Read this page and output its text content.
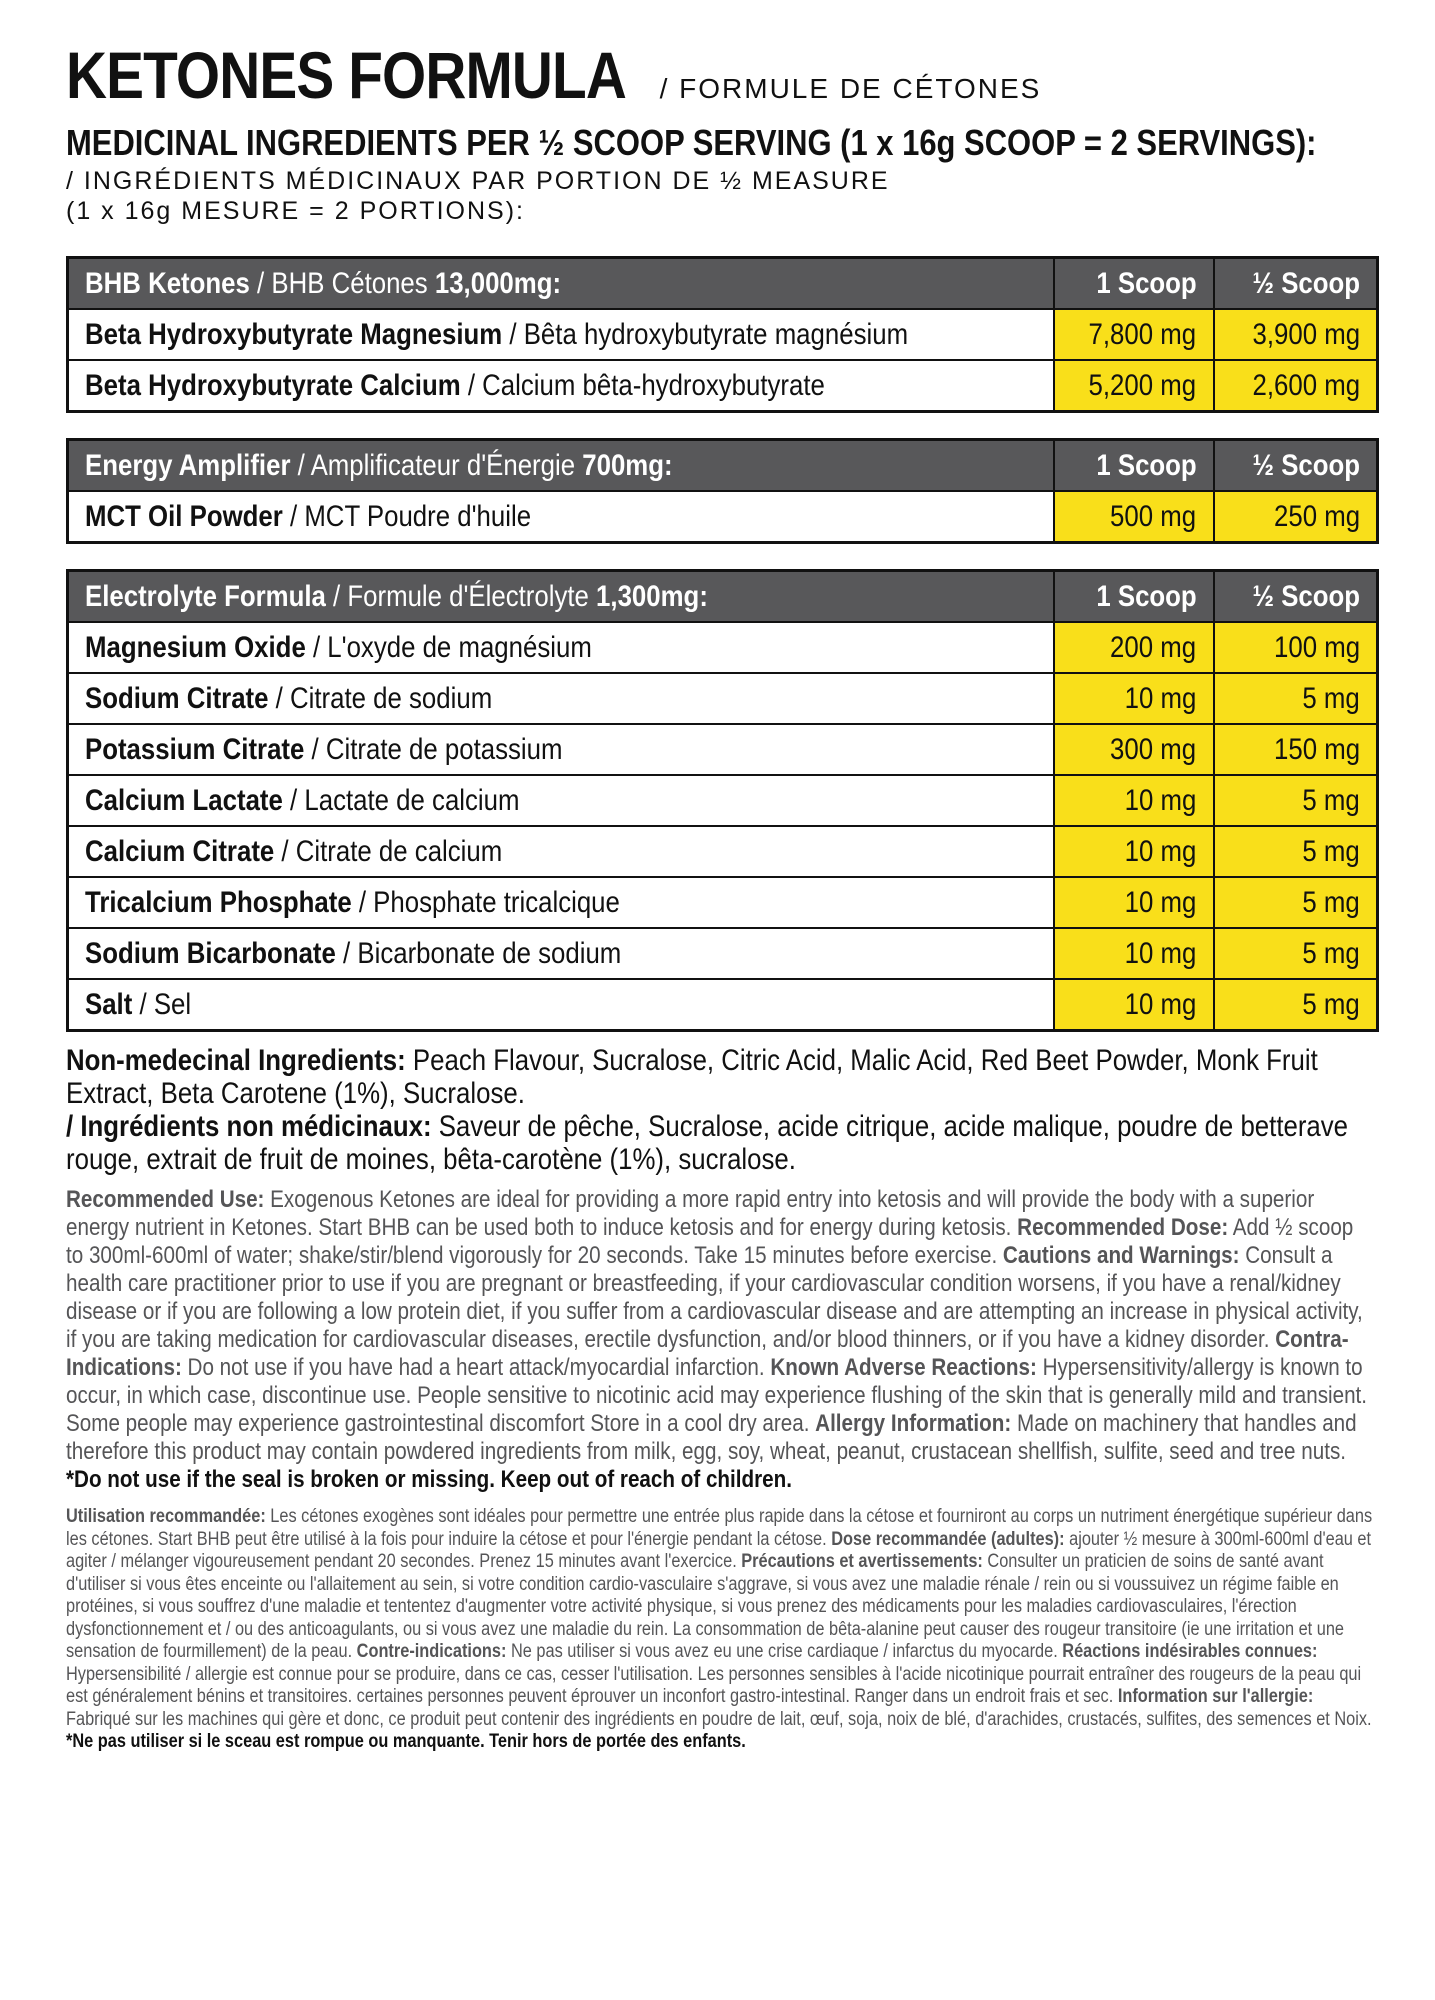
KETONES FORMULA / FORMULE DE CÉTONES
MEDICINAL INGREDIENTS PER ½ SCOOP SERVING (1 x 16g SCOOP = 2 SERVINGS):
/ INGRÉDIENTS MÉDICINAUX PAR PORTION DE ½ MEASURE
(1 x 16g MESURE = 2 PORTIONS):
BHB Ketones / BHB Cétones 13,000mg:	1 Scoop	½ Scoop
Beta Hydroxybutyrate Magnesium / Bêta hydroxybutyrate magnésium	7,800 mg	3,900 mg
Beta Hydroxybutyrate Calcium / Calcium bêta-hydroxybutyrate	5,200 mg	2,600 mg
Energy Amplifier / Amplificateur d'Énergie 700mg:	1 Scoop	½ Scoop
MCT Oil Powder / MCT Poudre d'huile	500 mg	250 mg
Electrolyte Formula / Formule d'Électrolyte 1,300mg:	1 Scoop	½ Scoop
Magnesium Oxide / L'oxyde de magnésium	200 mg	100 mg
Sodium Citrate / Citrate de sodium	10 mg	5 mg
Potassium Citrate / Citrate de potassium	300 mg	150 mg
Calcium Lactate / Lactate de calcium	10 mg	5 mg
Calcium Citrate / Citrate de calcium	10 mg	5 mg
Tricalcium Phosphate / Phosphate tricalcique	10 mg	5 mg
Sodium Bicarbonate / Bicarbonate de sodium	10 mg	5 mg
Salt / Sel	10 mg	5 mg
Non-medecinal Ingredients: Peach Flavour, Sucralose, Citric Acid, Malic Acid, Red Beet Powder, Monk Fruit Extract, Beta Carotene (1%), Sucralose.
/ Ingrédients non médicinaux: Saveur de pêche, Sucralose, acide citrique, acide malique, poudre de betterave rouge, extrait de fruit de moines, bêta-carotène (1%), sucralose.
Recommended Use: Exogenous Ketones are ideal for providing a more rapid entry into ketosis and will provide the body with a superior energy nutrient in Ketones. Start BHB can be used both to induce ketosis and for energy during ketosis. Recommended Dose: Add ½ scoop to 300ml-600ml of water; shake/stir/blend vigorously for 20 seconds. Take 15 minutes before exercise. Cautions and Warnings: Consult a health care practitioner prior to use if you are pregnant or breastfeeding, if your cardiovascular condition worsens, if you have a renal/kidney disease or if you are following a low protein diet, if you suffer from a cardiovascular disease and are attempting an increase in physical activity, if you are taking medication for cardiovascular diseases, erectile dysfunction, and/or blood thinners, or if you have a kidney disorder. Contra-Indications: Do not use if you have had a heart attack/myocardial infarction. Known Adverse Reactions: Hypersensitivity/allergy is known to occur, in which case, discontinue use. People sensitive to nicotinic acid may experience flushing of the skin that is generally mild and transient. Some people may experience gastrointestinal discomfort Store in a cool dry area. Allergy Information: Made on machinery that handles and therefore this product may contain powdered ingredients from milk, egg, soy, wheat, peanut, crustacean shellfish, sulfite, seed and tree nuts. *Do not use if the seal is broken or missing. Keep out of reach of children.
Utilisation recommandée: Les cétones exogènes sont idéales pour permettre une entrée plus rapide dans la cétose et fourniront au corps un nutriment énergétique supérieur dans les cétones. Start BHB peut être utilisé à la fois pour induire la cétose et pour l'énergie pendant la cétose. Dose recommandée (adultes): ajouter ½ mesure à 300ml-600ml d'eau et agiter / mélanger vigoureusement pendant 20 secondes. Prenez 15 minutes avant l'exercice. Précautions et avertissements: Consulter un praticien de soins de santé avant d'utiliser si vous êtes enceinte ou l'allaitement au sein, si votre condition cardio-vasculaire s'aggrave, si vous avez une maladie rénale / rein ou si voussuivez un régime faible en protéines, si vous souffrez d'une maladie et tententez d'augmenter votre activité physique, si vous prenez des médicaments pour les maladies cardiovasculaires, l'érection dysfonctionnement et / ou des anticoagulants, ou si vous avez une maladie du rein. La consommation de bêta-alanine peut causer des rougeur transitoire (ie une irritation et une sensation de fourmillement) de la peau. Contre-indications: Ne pas utiliser si vous avez eu une crise cardiaque / infarctus du myocarde. Réactions indésirables connues: Hypersensibilité / allergie est connue pour se produire, dans ce cas, cesser l'utilisation. Les personnes sensibles à l'acide nicotinique pourrait entraîner des rougeurs de la peau qui est généralement bénins et transitoires. certaines personnes peuvent éprouver un inconfort gastro-intestinal. Ranger dans un endroit frais et sec. Information sur l'allergie: Fabriqué sur les machines qui gère et donc, ce produit peut contenir des ingrédients en poudre de lait, œuf, soja, noix de blé, d'arachides, crustacés, sulfites, des semences et Noix.
*Ne pas utiliser si le sceau est rompue ou manquante. Tenir hors de portée des enfants.
